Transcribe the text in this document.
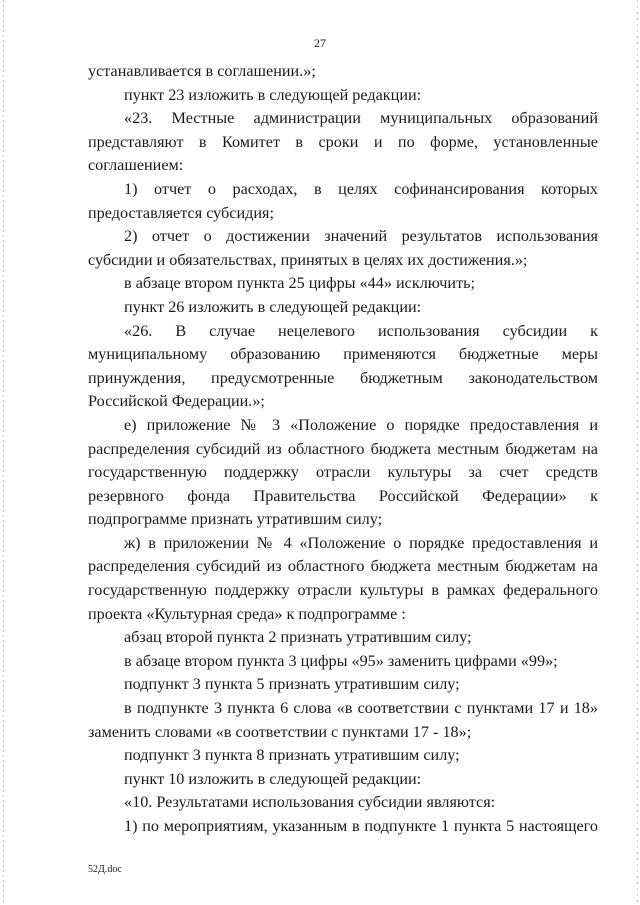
27

устанавливается в соглашении.»;

пункт 23 изложить в следующей редакции:

«23. Местные администрации муниципальных образований представляют в Комитет в сроки и по форме, установленные соглашением:

1) отчет о расходах, в целях софинансирования которых предоставляется субсидия;

2) отчет о достижении значений результатов использования субсидии и обязательствах, принятых в целях их достижения.»;

в абзаце втором пункта 25 цифры «44» исключить;

пункт 26 изложить в следующей редакции:

«26. В случае нецелевого использования субсидии к муниципальному образованию применяются бюджетные меры принуждения, предусмотренные бюджетным законодательством Российской Федерации.»;

е) приложение № 3 «Положение о порядке предоставления и распределения субсидий из областного бюджета местным бюджетам на государственную поддержку отрасли культуры за счет средств резервного фонда Правительства Российской Федерации» к подпрограмме признать утратившим силу;

ж) в приложении № 4 «Положение о порядке предоставления и распределения субсидий из областного бюджета местным бюджетам на государственную поддержку отрасли культуры в рамках федерального проекта «Культурная среда» к подпрограмме :

абзац второй пункта 2 признать утратившим силу;

в абзаце втором пункта 3 цифры «95» заменить цифрами «99»;

подпункт 3 пункта 5 признать утратившим силу;

в подпункте 3 пункта 6 слова «в соответствии с пунктами 17 и 18» заменить словами «в соответствии с пунктами 17 - 18»;

подпункт 3 пункта 8 признать утратившим силу;

пункт 10 изложить в следующей редакции:

«10. Результатами использования субсидии являются:

1) по мероприятиям, указанным в подпункте 1 пункта 5 настоящего

52Д.doc
